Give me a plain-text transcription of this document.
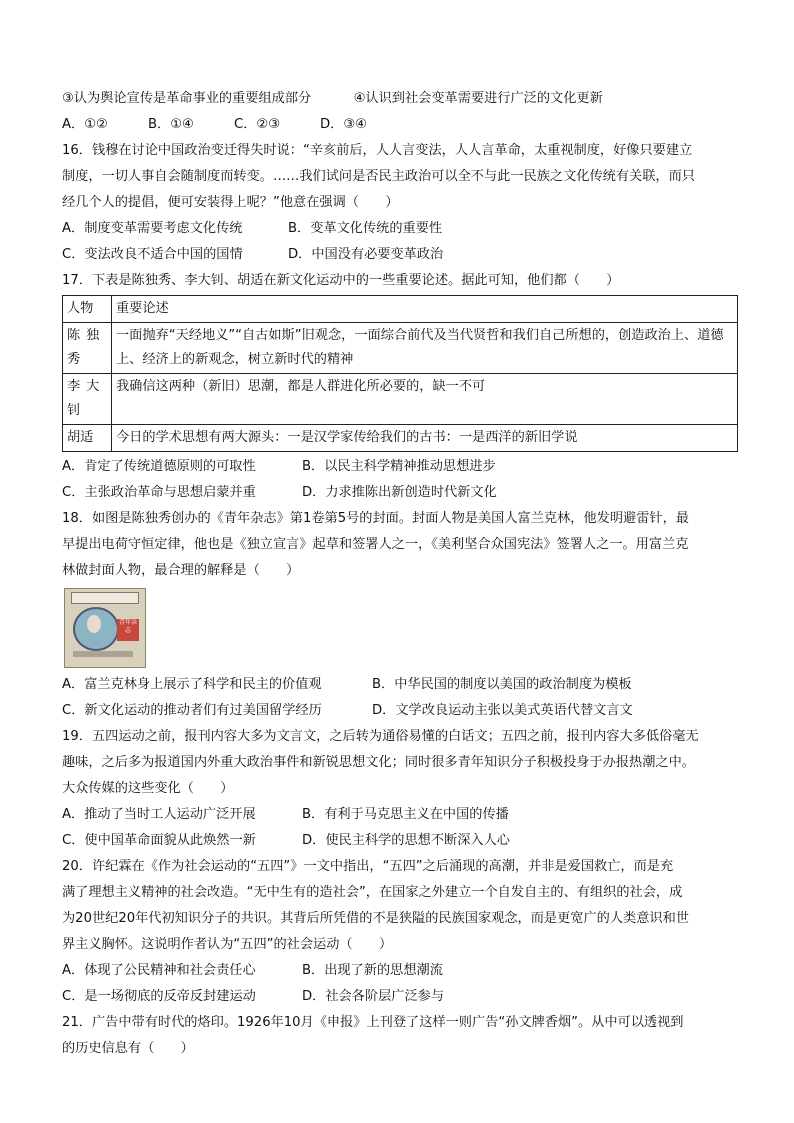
③认为舆论宣传是革命事业的重要组成部分	④认识到社会变革需要进行广泛的文化更新
A．①②	B．①④	C．②③	D．③④
16．钱穆在讨论中国政治变迁得失时说：“辛亥前后，人人言变法，人人言革命，太重视制度，好像只要建立
制度，一切人事自会随制度而转变。……我们试问是否民主政治可以全不与此一民族之文化传统有关联，而只
经几个人的提倡，便可安装得上呢？”他意在强调（　　）
A．制度变革需要考虑文化传统	B．变革文化传统的重要性
C．变法改良不适合中国的国情	D．中国没有必要变革政治
17．下表是陈独秀、李大钊、胡适在新文化运动中的一些重要论述。据此可知，他们都（　　）
人物	重要论述
陈独秀	一面抛弃“天经地义”“自古如斯”旧观念，一面综合前代及当代贤哲和我们自己所想的，创造政治上、道德上、经济上的新观念，树立新时代的精神
李大钊	我确信这两种（新旧）思潮，都是人群进化所必要的，缺一不可
胡适	今日的学术思想有两大源头：一是汉学家传给我们的古书：一是西洋的新旧学说
A．肯定了传统道德原则的可取性	B．以民主科学精神推动思想进步
C．主张政治革命与思想启蒙并重	D．力求推陈出新创造时代新文化
18．如图是陈独秀创办的《青年杂志》第1卷第5号的封面。封面人物是美国人富兰克林，他发明避雷针，最
早提出电荷守恒定律，他也是《独立宣言》起草和签署人之一，《美利坚合众国宪法》签署人之一。用富兰克
林做封面人物，最合理的解释是（　　）
青年杂志
A．富兰克林身上展示了科学和民主的价值观	B．中华民国的制度以美国的政治制度为模板
C．新文化运动的推动者们有过美国留学经历	D．文学改良运动主张以美式英语代替文言文
19．五四运动之前，报刊内容大多为文言文，之后转为通俗易懂的白话文；五四之前，报刊内容大多低俗毫无
趣味，之后多为报道国内外重大政治事件和新锐思想文化；同时很多青年知识分子积极投身于办报热潮之中。
大众传媒的这些变化（　　）
A．推动了当时工人运动广泛开展	B．有利于马克思主义在中国的传播
C．使中国革命面貌从此焕然一新	D．使民主科学的思想不断深入人心
20．许纪霖在《作为社会运动的“五四”》一文中指出，“五四”之后涌现的高潮，并非是爱国救亡，而是充
满了理想主义精神的社会改造。“无中生有的造社会”，在国家之外建立一个自发自主的、有组织的社会，成
为20世纪20年代初知识分子的共识。其背后所凭借的不是狭隘的民族国家观念，而是更宽广的人类意识和世
界主义胸怀。这说明作者认为“五四”的社会运动（　　）
A．体现了公民精神和社会责任心	B．出现了新的思想潮流
C．是一场彻底的反帝反封建运动	D．社会各阶层广泛参与
21．广告中带有时代的烙印。1926年10月《申报》上刊登了这样一则广告“孙文牌香烟”。从中可以透视到
的历史信息有（　　）
